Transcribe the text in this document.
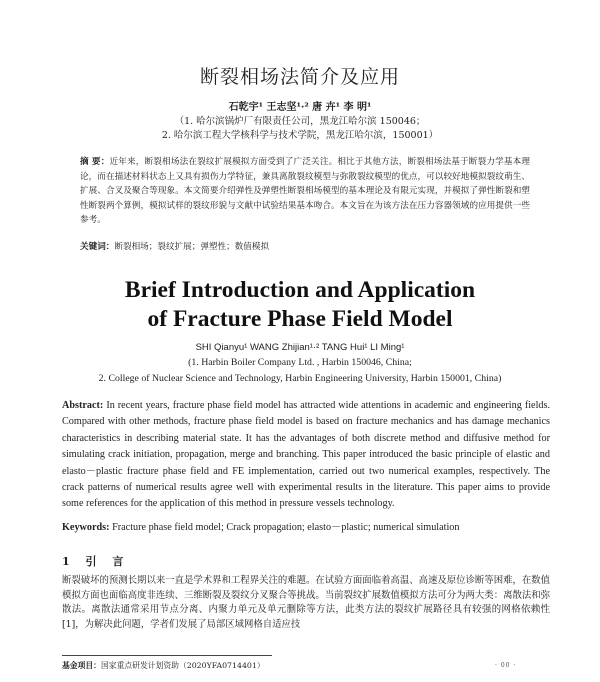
断裂相场法简介及应用
石乾宇¹ 王志坚¹·² 唐 卉¹ 李 明¹
（1. 哈尔滨锅炉厂有限责任公司，黑龙江哈尔滨 150046；
2. 哈尔滨工程大学核科学与技术学院，黑龙江哈尔滨，150001）
摘 要：近年来，断裂相场法在裂纹扩展模拟方面受到了广泛关注。相比于其他方法，断裂相场法基于断裂力学基本理论，而在描述材料状态上又具有损伤力学特征，兼具离散裂纹模型与弥散裂纹模型的优点，可以较好地模拟裂纹萌生、扩展、合叉及聚合等现象。本文简要介绍弹性及弹塑性断裂相场模型的基本理论及有限元实现，并模拟了弹性断裂和塑性断裂两个算例，模拟试样的裂纹形貌与文献中试验结果基本吻合。本文旨在为该方法在压力容器领域的应用提供一些参考。
关键词：断裂相场；裂纹扩展；弹塑性；数值模拟
Brief Introduction and Application
of Fracture Phase Field Model
SHI Qianyu¹ WANG Zhijian¹·² TANG Hui¹ LI Ming¹
(1. Harbin Boiler Company Ltd. , Harbin 150046, China;
2. College of Nuclear Science and Technology, Harbin Engineering University, Harbin 150001, China)
Abstract: In recent years, fracture phase field model has attracted wide attentions in academic and engineering fields. Compared with other methods, fracture phase field model is based on fracture mechanics and has damage mechanics characteristics in describing material state. It has the advantages of both discrete method and diffusive method for simulating crack initiation, propagation, merge and branching. This paper introduced the basic principle of elastic and elasto－plastic fracture phase field and FE implementation, carried out two numerical examples, respectively. The crack patterns of numerical results agree well with experimental results in the literature. This paper aims to provide some references for the application of this method in pressure vessels technology.
Keywords: Fracture phase field model; Crack propagation; elasto－plastic; numerical simulation
1 引 言
断裂破坏的预测长期以来一直是学术界和工程界关注的难题。在试验方面面临着高温、高速及原位诊断等困难，在数值模拟方面也面临高度非连续、三维断裂及裂纹分叉聚合等挑战。当前裂纹扩展数值模拟方法可分为两大类：离散法和弥散法。离散法通常采用节点分离、内聚力单元及单元删除等方法，此类方法的裂纹扩展路径具有较强的网格依赖性[1]，为解决此问题，学者们发展了局部区域网格自适应技
基金项目：国家重点研发计划资助（2020YFA0714401）	· 00 ·
